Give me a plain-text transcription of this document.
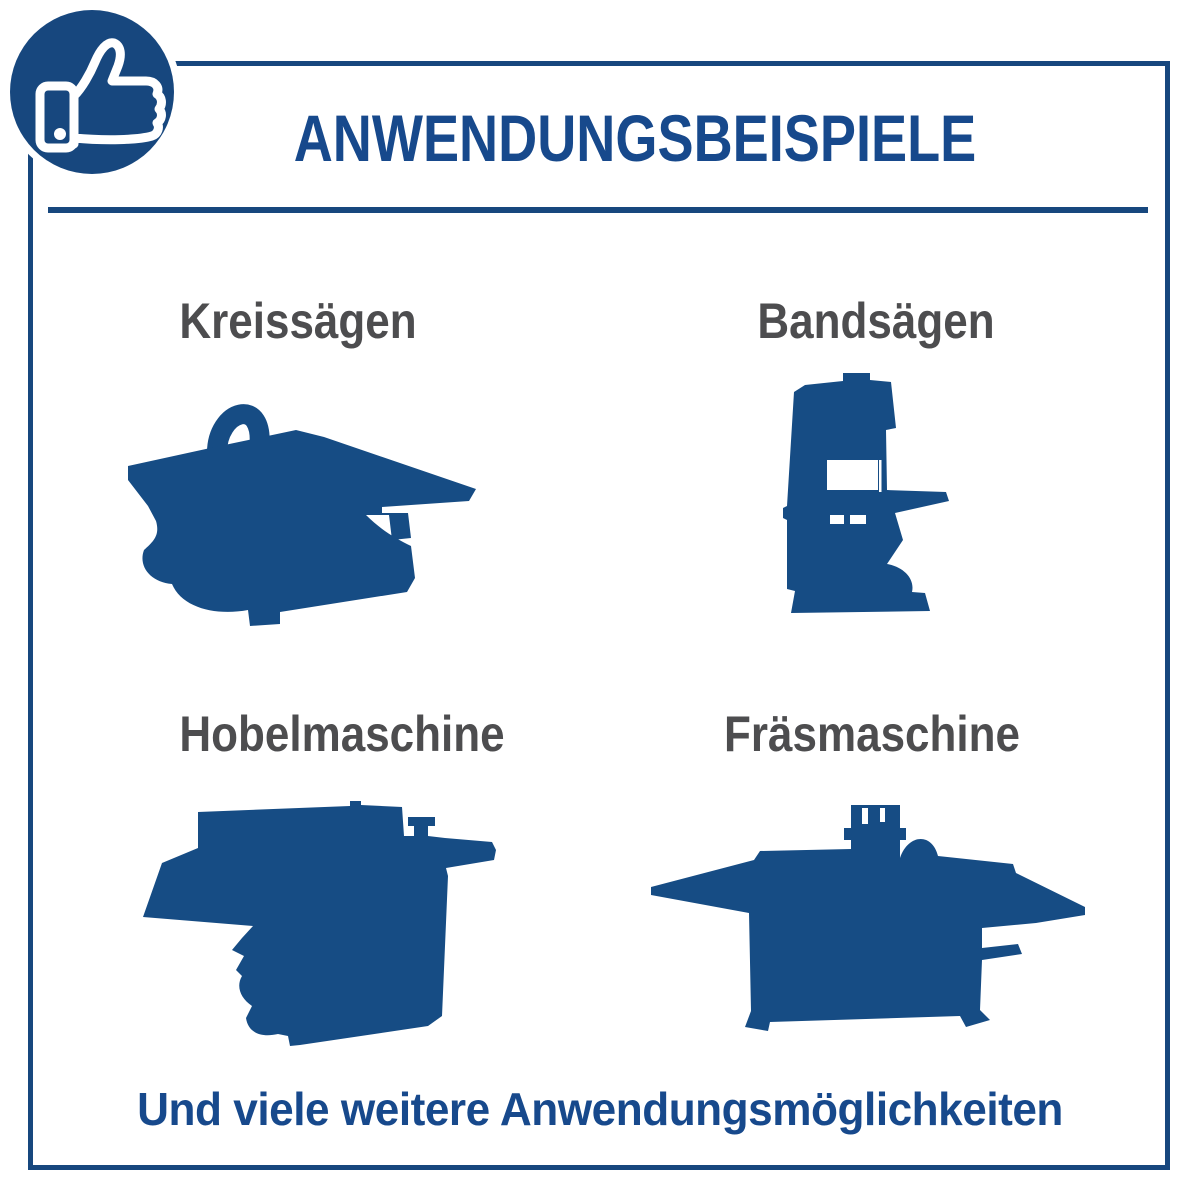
ANWENDUNGSBEISPIELE

Kreissägen	Bandsägen

Hobelmaschine	Fräsmaschine

Und viele weitere Anwendungsmöglichkeiten
